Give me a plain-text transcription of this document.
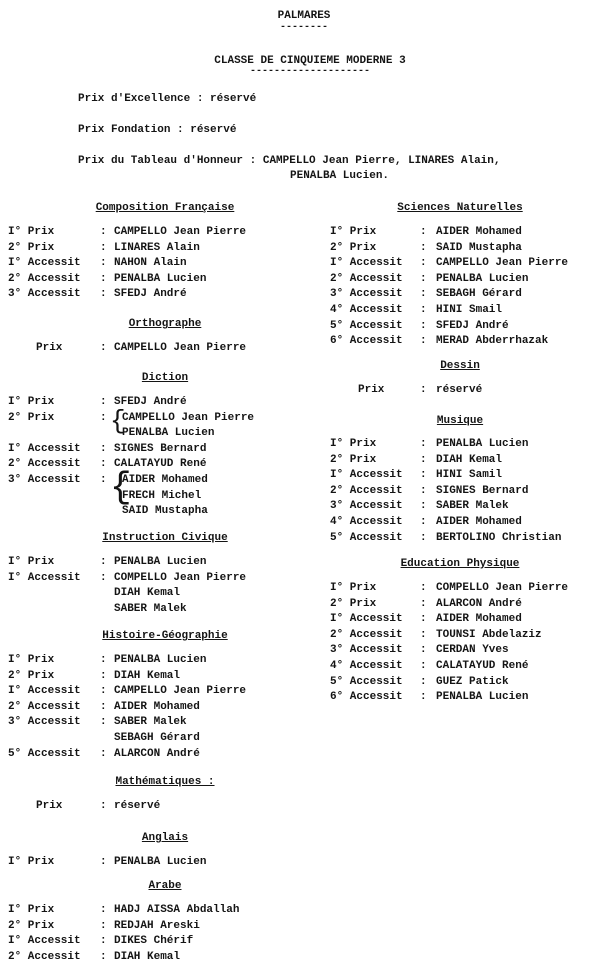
PALMARES
--------
CLASSE DE CINQUIEME MODERNE 3
--------------------
Prix d'Excellence : réservé
Prix Fondation : réservé
Prix du Tableau d'Honneur : CAMPELLO Jean Pierre, LINARES Alain,
PENALBA Lucien.
Composition Française
I° Prix	: CAMPELLO Jean Pierre
2° Prix	: LINARES Alain
I° Accessit : NAHON Alain
2° Accessit : PENALBA Lucien
3° Accessit : SFEDJ André
Orthographe
Prix	: CAMPELLO Jean Pierre
Diction
I° Prix	: SFEDJ André
2° Prix	: {
CAMPELLO Jean Pierre
PENALBA Lucien
I° Accessit : SIGNES Bernard
2° Accessit : CALATAYUD René
3° Accessit : {
AIDER Mohamed
FRECH Michel
SAID Mustapha
Instruction Civique
I° Prix	: PENALBA Lucien
I° Accessit : COMPELLO Jean Pierre
DIAH Kemal
SABER Malek
Histoire-Géographie
I° Prix	: PENALBA Lucien
2° Prix	: DIAH Kemal
I° Accessit : CAMPELLO Jean Pierre
2° Accessit : AIDER Mohamed
3° Accessit : SABER Malek
SEBAGH Gérard
5° Accessit : ALARCON André
Mathématiques :
Prix	: réservé
Anglais
I° Prix	: PENALBA Lucien
Arabe
I° Prix	: HADJ AISSA Abdallah
2° Prix	: REDJAH Areski
I° Accessit : DIKES Chérif
2° Accessit : DIAH Kemal
Sciences Naturelles
I° Prix	: AIDER Mohamed
2° Prix	: SAID Mustapha
I° Accessit : CAMPELLO Jean Pierre
2° Accessit : PENALBA Lucien
3° Accessit : SEBAGH Gérard
4° Accessit : HINI Smail
5° Accessit : SFEDJ André
6° Accessit : MERAD Abderrhazak
Dessin
Prix	: réservé
Musique
I° Prix	: PENALBA Lucien
2° Prix	: DIAH Kemal
I° Accessit : HINI Samil
2° Accessit : SIGNES Bernard
3° Accessit : SABER Malek
4° Accessit : AIDER Mohamed
5° Accessit : BERTOLINO Christian
Education Physique
I° Prix	: COMPELLO Jean Pierre
2° Prix	: ALARCON André
I° Accessit : AIDER Mohamed
2° Accessit : TOUNSI Abdelaziz
3° Accessit : CERDAN Yves
4° Accessit : CALATAYUD René
5° Accessit : GUEZ Patick
6° Accessit : PENALBA Lucien
